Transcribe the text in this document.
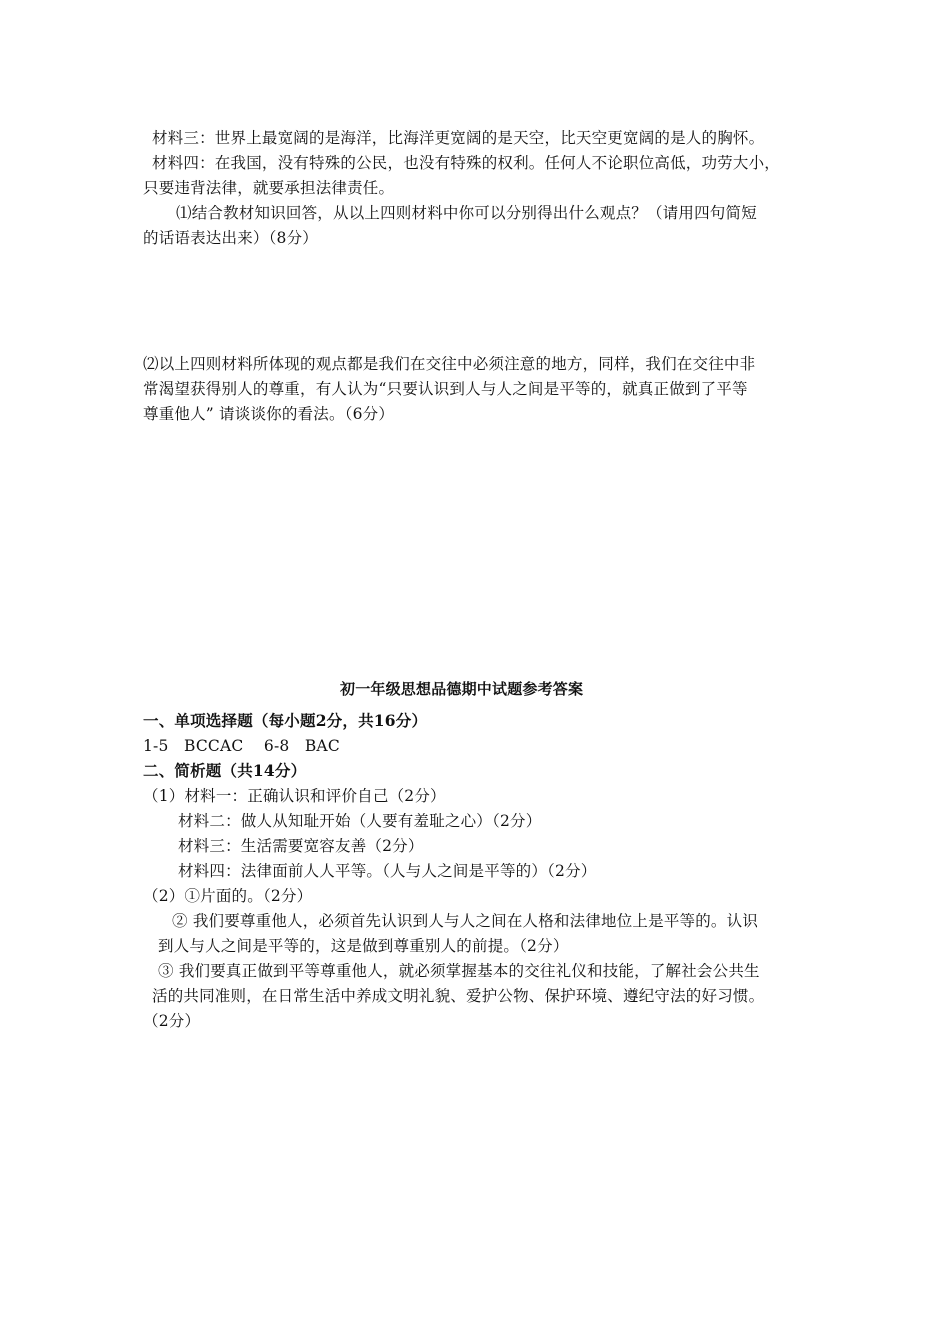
材料三：世界上最宽阔的是海洋，比海洋更宽阔的是天空，比天空更宽阔的是人的胸怀。
材料四：在我国，没有特殊的公民，也没有特殊的权利。任何人不论职位高低，功劳大小，
只要违背法律，就要承担法律责任。
⑴结合教材知识回答，从以上四则材料中你可以分别得出什么观点？（请用四句简短
的话语表达出来）（8分）
⑵以上四则材料所体现的观点都是我们在交往中必须注意的地方，同样，我们在交往中非
常渴望获得别人的尊重，有人认为“只要认识到人与人之间是平等的，就真正做到了平等
尊重他人” 请谈谈你的看法。（6分）
初一年级思想品德期中试题参考答案
一、单项选择题（每小题2分，共16分）
1-5   BCCAC    6-8   BAC
二、简析题（共14分）
（1）材料一：正确认识和评价自己（2分）
材料二：做人从知耻开始（人要有羞耻之心）（2分）
材料三：生活需要宽容友善（2分）
材料四：法律面前人人平等。（人与人之间是平等的）（2分）
（2）①片面的。（2分）
② 我们要尊重他人，必须首先认识到人与人之间在人格和法律地位上是平等的。认识
到人与人之间是平等的，这是做到尊重别人的前提。（2分）
③ 我们要真正做到平等尊重他人，就必须掌握基本的交往礼仪和技能，了解社会公共生
活的共同准则，在日常生活中养成文明礼貌、爱护公物、保护环境、遵纪守法的好习惯。
（2分）
